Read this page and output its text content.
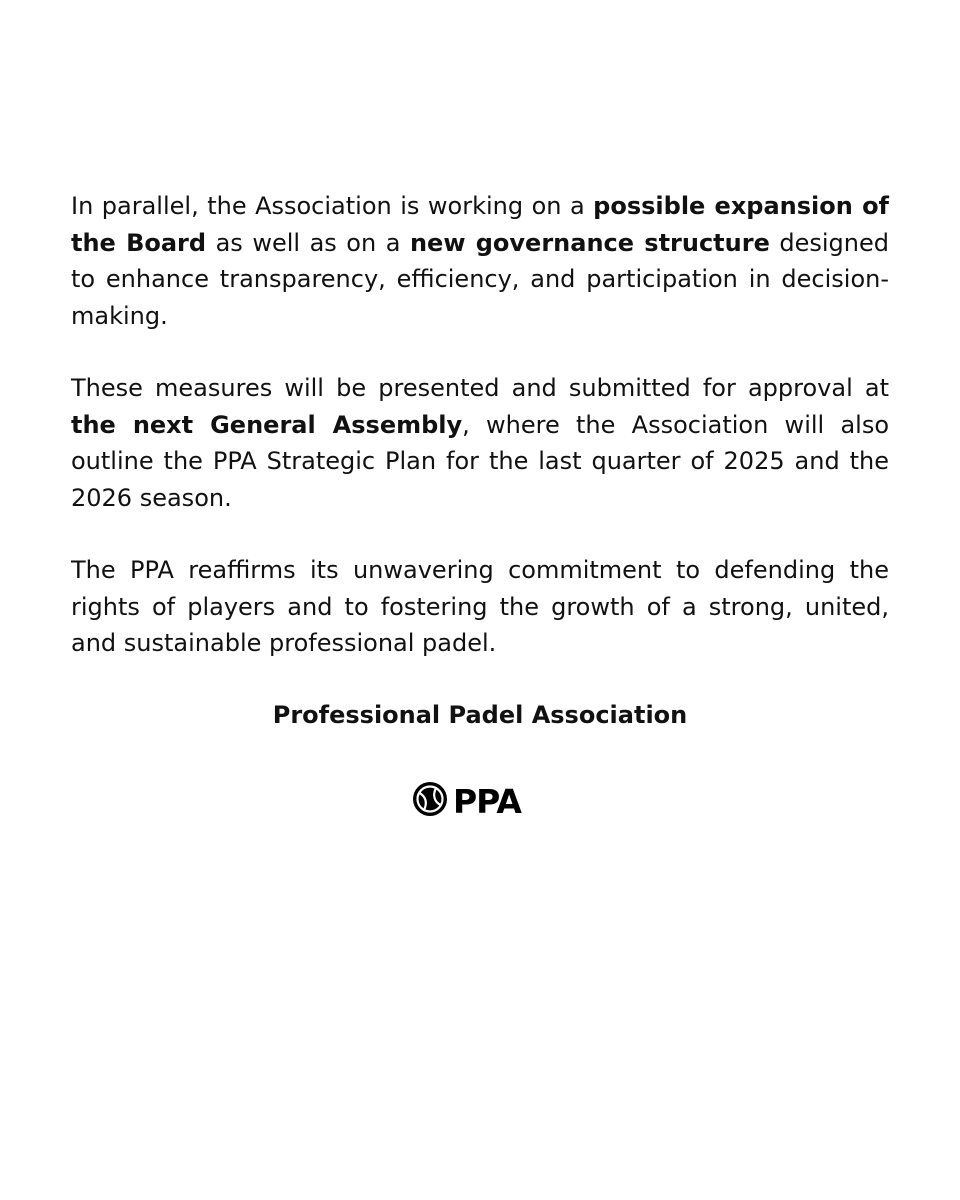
In parallel, the Association is working on a possible expansion of the Board as well as on a new governance structure designed to enhance transparency, efficiency, and participation in decision-making.

These measures will be presented and submitted for approval at the next General Assembly, where the Association will also outline the PPA Strategic Plan for the last quarter of 2025 and the 2026 season.

The PPA reaffirms its unwavering commitment to defending the rights of players and to fostering the growth of a strong, united, and sustainable professional padel.

Professional Padel Association
PPA
